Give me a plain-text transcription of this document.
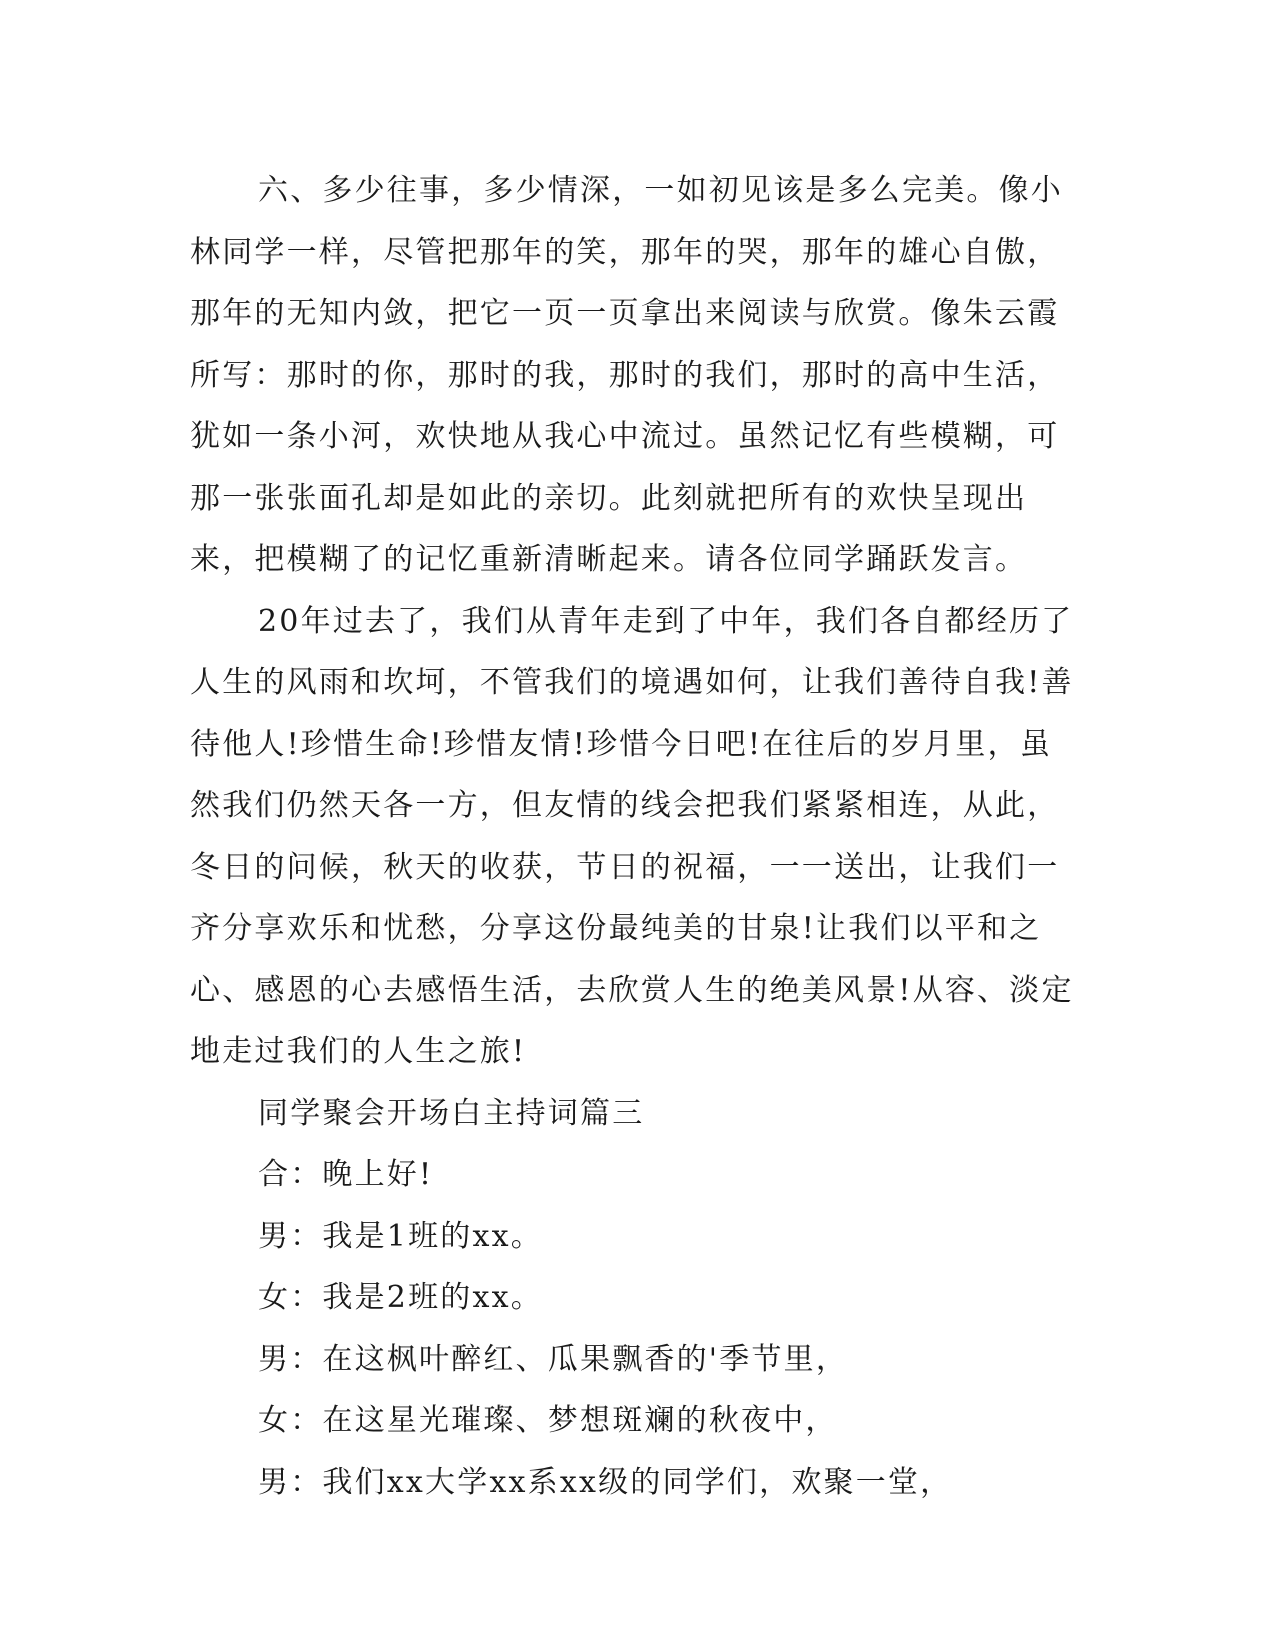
六、多少往事，多少情深，一如初见该是多么完美。像小林同学一样，尽管把那年的笑，那年的哭，那年的雄心自傲，那年的无知内敛，把它一页一页拿出来阅读与欣赏。像朱云霞所写：那时的你，那时的我，那时的我们，那时的高中生活，犹如一条小河，欢快地从我心中流过。虽然记忆有些模糊，可那一张张面孔却是如此的亲切。此刻就把所有的欢快呈现出来，把模糊了的记忆重新清晰起来。请各位同学踊跃发言。

20年过去了，我们从青年走到了中年，我们各自都经历了人生的风雨和坎坷，不管我们的境遇如何，让我们善待自我!善待他人!珍惜生命!珍惜友情!珍惜今日吧!在往后的岁月里，虽然我们仍然天各一方，但友情的线会把我们紧紧相连，从此，冬日的问候，秋天的收获，节日的祝福，一一送出，让我们一齐分享欢乐和忧愁，分享这份最纯美的甘泉!让我们以平和之心、感恩的心去感悟生活，去欣赏人生的绝美风景!从容、淡定地走过我们的人生之旅!

同学聚会开场白主持词篇三

合：晚上好!

男：我是1班的xx。

女：我是2班的xx。

男：在这枫叶醉红、瓜果飘香的'季节里，

女：在这星光璀璨、梦想斑斓的秋夜中，

男：我们xx大学xx系xx级的同学们，欢聚一堂，
